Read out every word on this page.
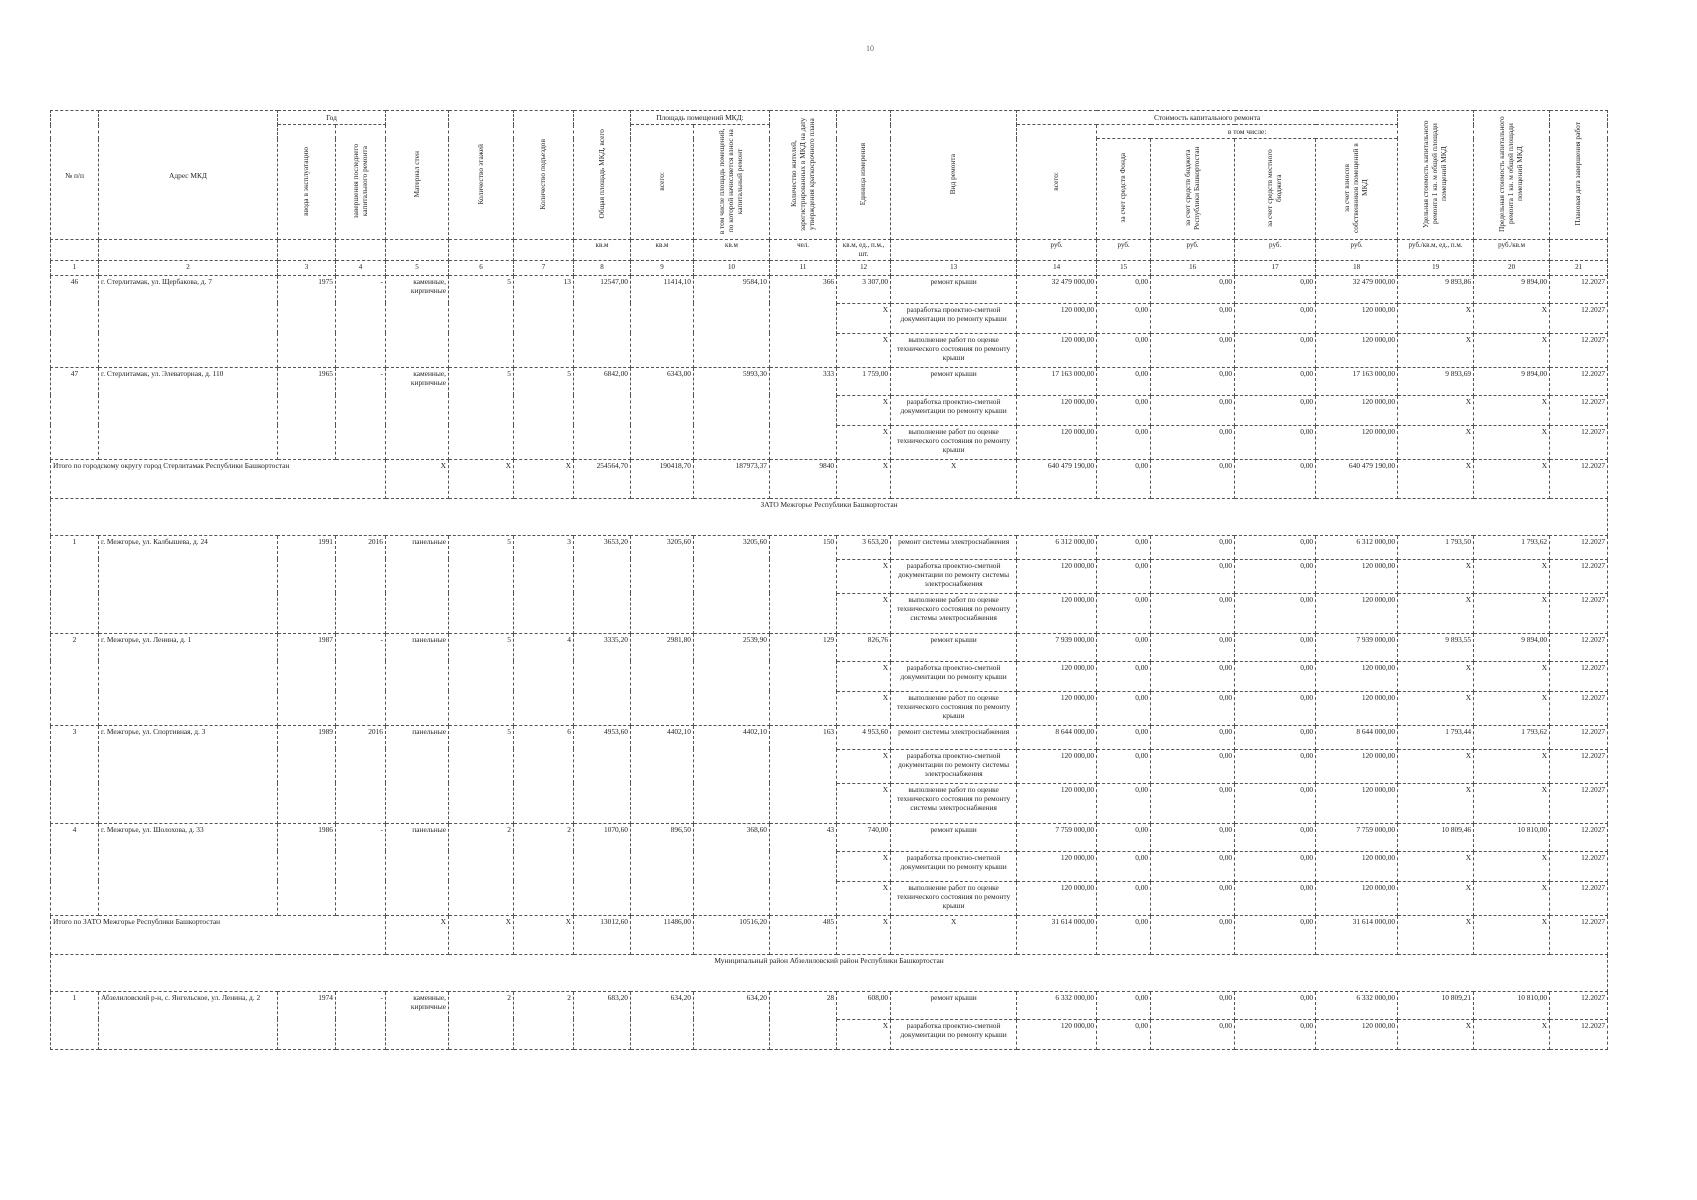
10
№ п/п	Адрес МКД	Год		Материал стен	Количество этажей	Количество подъездов	Общая площадь МКД, всего	Площадь помещений МКД:		Количество жителей, зарегистрированных в МКД на дату утверждения краткосрочного плана	Единица измерения	Вид ремонта	Стоимость капитального ремонта					Удельная стоимость капитального ремонта 1 кв. м общей площади помещений МКД	Предельная стоимость капитального ремонта 1 кв. м общей площади помещений МКД	Плановая дата завершения работ
		ввода в эксплуатацию	завершения последнего капитального ремонта					всего:	в том числе площадь помещений, по которой начисляется взнос на капитальный ремонт				всего:	в том числе:						
														за счет средств Фонда	за счет средств бюджета Республики Башкортостан	за счет средств местного бюджета	за счет взносов собственников помещений в МКД			
							кв.м	кв.м	кв.м	чел.	кв.м, ед., п.м., шт.		руб.	руб.	руб.	руб.	руб.	руб./кв.м, ед., п.м.	руб./кв.м	
1	2	3	4	5	6	7	8	9	10	11	12	13	14	15	16	17	18	19	20	21
46	г. Стерлитамак, ул. Щербакова, д. 7	1975	-	каменные, кирпичные	5	13	12547,00	11414,10	9584,10	366	3 307,00	ремонт крыши	32 479 000,00	0,00	0,00	0,00	32 479 000,00	9 893,86	9 894,00	12.2027
											X	разработка проектно-сметной документации по ремонту крыши	120 000,00	0,00	0,00	0,00	120 000,00	X	X	12.2027
											X	выполнение работ по оценке технического состояния по ремонту крыши	120 000,00	0,00	0,00	0,00	120 000,00	X	X	12.2027
47	г. Стерлитамак, ул. Элеваторная, д. 110	1965	-	каменные, кирпичные	5	5	6842,00	6343,00	5993,30	333	1 759,00	ремонт крыши	17 163 000,00	0,00	0,00	0,00	17 163 000,00	9 893,69	9 894,00	12.2027
											X	разработка проектно-сметной документации по ремонту крыши	120 000,00	0,00	0,00	0,00	120 000,00	X	X	12.2027
											X	выполнение работ по оценке технического состояния по ремонту крыши	120 000,00	0,00	0,00	0,00	120 000,00	X	X	12.2027
Итого по городскому округу город Стерлитамак Республики Башкортостан				X	X	X	254564,70	190418,70	187973,37	9840	X	X	640 479 190,00	0,00	0,00	0,00	640 479 190,00	X	X	12.2027
ЗАТО Межгорье Республики Башкортостан																				
1	г. Межгорье, ул. Калбышева, д. 24	1991	2016	панельные	5	3	3653,20	3205,60	3205,60	150	3 653,20	ремонт системы электроснабжения	6 312 000,00	0,00	0,00	0,00	6 312 000,00	1 793,50	1 793,62	12.2027
											X	разработка проектно-сметной документации по ремонту системы электроснабжения	120 000,00	0,00	0,00	0,00	120 000,00	X	X	12.2027
											X	выполнение работ по оценке технического состояния по ремонту системы электроснабжения	120 000,00	0,00	0,00	0,00	120 000,00	X	X	12.2027
2	г. Межгорье, ул. Ленина, д. 1	1987	-	панельные	5	4	3335,20	2981,80	2539,90	129	826,76	ремонт крыши	7 939 000,00	0,00	0,00	0,00	7 939 000,00	9 893,55	9 894,00	12.2027
											X	разработка проектно-сметной документации по ремонту крыши	120 000,00	0,00	0,00	0,00	120 000,00	X	X	12.2027
											X	выполнение работ по оценке технического состояния по ремонту крыши	120 000,00	0,00	0,00	0,00	120 000,00	X	X	12.2027
3	г. Межгорье, ул. Спортивная, д. 3	1989	2016	панельные	5	6	4953,60	4402,10	4402,10	163	4 953,60	ремонт системы электроснабжения	8 644 000,00	0,00	0,00	0,00	8 644 000,00	1 793,44	1 793,62	12.2027
											X	разработка проектно-сметной документации по ремонту системы электроснабжения	120 000,00	0,00	0,00	0,00	120 000,00	X	X	12.2027
											X	выполнение работ по оценке технического состояния по ремонту системы электроснабжения	120 000,00	0,00	0,00	0,00	120 000,00	X	X	12.2027
4	г. Межгорье, ул. Шолохова, д. 33	1986	-	панельные	2	2	1070,60	896,50	368,60	43	740,00	ремонт крыши	7 759 000,00	0,00	0,00	0,00	7 759 000,00	10 809,46	10 810,00	12.2027
											X	разработка проектно-сметной документации по ремонту крыши	120 000,00	0,00	0,00	0,00	120 000,00	X	X	12.2027
											X	выполнение работ по оценке технического состояния по ремонту крыши	120 000,00	0,00	0,00	0,00	120 000,00	X	X	12.2027
Итого по ЗАТО Межгорье Республики Башкортостан				X	X	X	13012,60	11486,00	10516,20	485	X	X	31 614 000,00	0,00	0,00	0,00	31 614 000,00	X	X	12.2027
Муниципальный район Абзелиловский район Республики Башкортостан																				
1	Абзелиловский р-н, с. Янгельское, ул. Ленина, д. 2	1974	-	каменные, кирпичные	2	2	683,20	634,20	634,20	28	608,00	ремонт крыши	6 332 000,00	0,00	0,00	0,00	6 332 000,00	10 809,21	10 810,00	12.2027
											X	разработка проектно-сметной документации по ремонту крыши	120 000,00	0,00	0,00	0,00	120 000,00	X	X	12.2027
